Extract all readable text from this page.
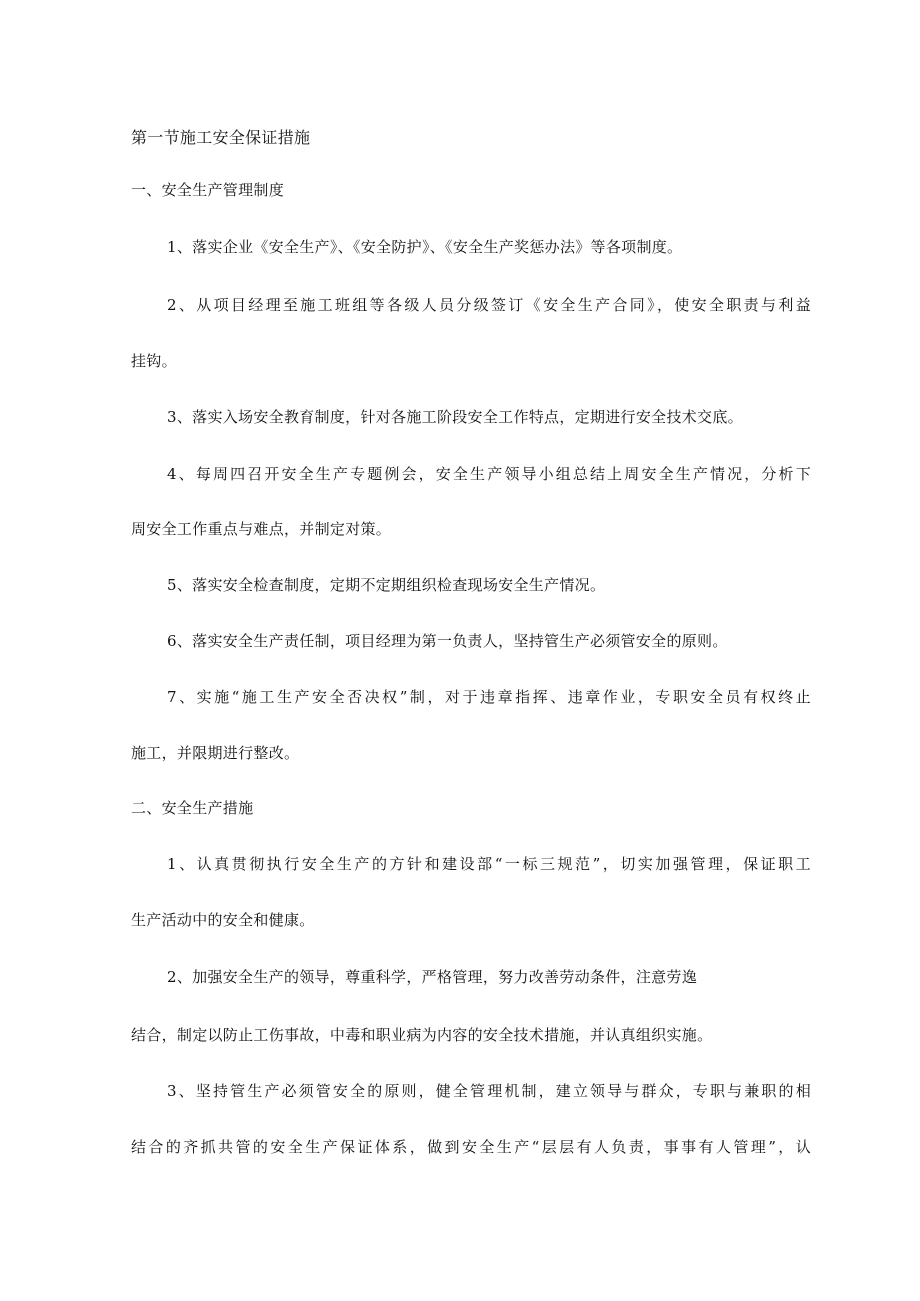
第一节施工安全保证措施
一、安全生产管理制度
1、落实企业《安全生产》、《安全防护》、《安全生产奖惩办法》等各项制度。
2、从项目经理至施工班组等各级人员分级签订《安全生产合同》，使安全职责与利益
挂钩。
3、落实入场安全教育制度，针对各施工阶段安全工作特点，定期进行安全技术交底。
4、每周四召开安全生产专题例会，安全生产领导小组总结上周安全生产情况，分析下
周安全工作重点与难点，并制定对策。
5、落实安全检查制度，定期不定期组织检查现场安全生产情况。
6、落实安全生产责任制，项目经理为第一负责人，坚持管生产必须管安全的原则。
7、实施“施工生产安全否决权”制，对于违章指挥、违章作业，专职安全员有权终止
施工，并限期进行整改。
二、安全生产措施
1、认真贯彻执行安全生产的方针和建设部“一标三规范”，切实加强管理，保证职工
生产活动中的安全和健康。
2、加强安全生产的领导，尊重科学，严格管理，努力改善劳动条件，注意劳逸
结合，制定以防止工伤事故，中毒和职业病为内容的安全技术措施，并认真组织实施。
3、坚持管生产必须管安全的原则，健全管理机制，建立领导与群众，专职与兼职的相
结合的齐抓共管的安全生产保证体系，做到安全生产“层层有人负责，事事有人管理”，认
